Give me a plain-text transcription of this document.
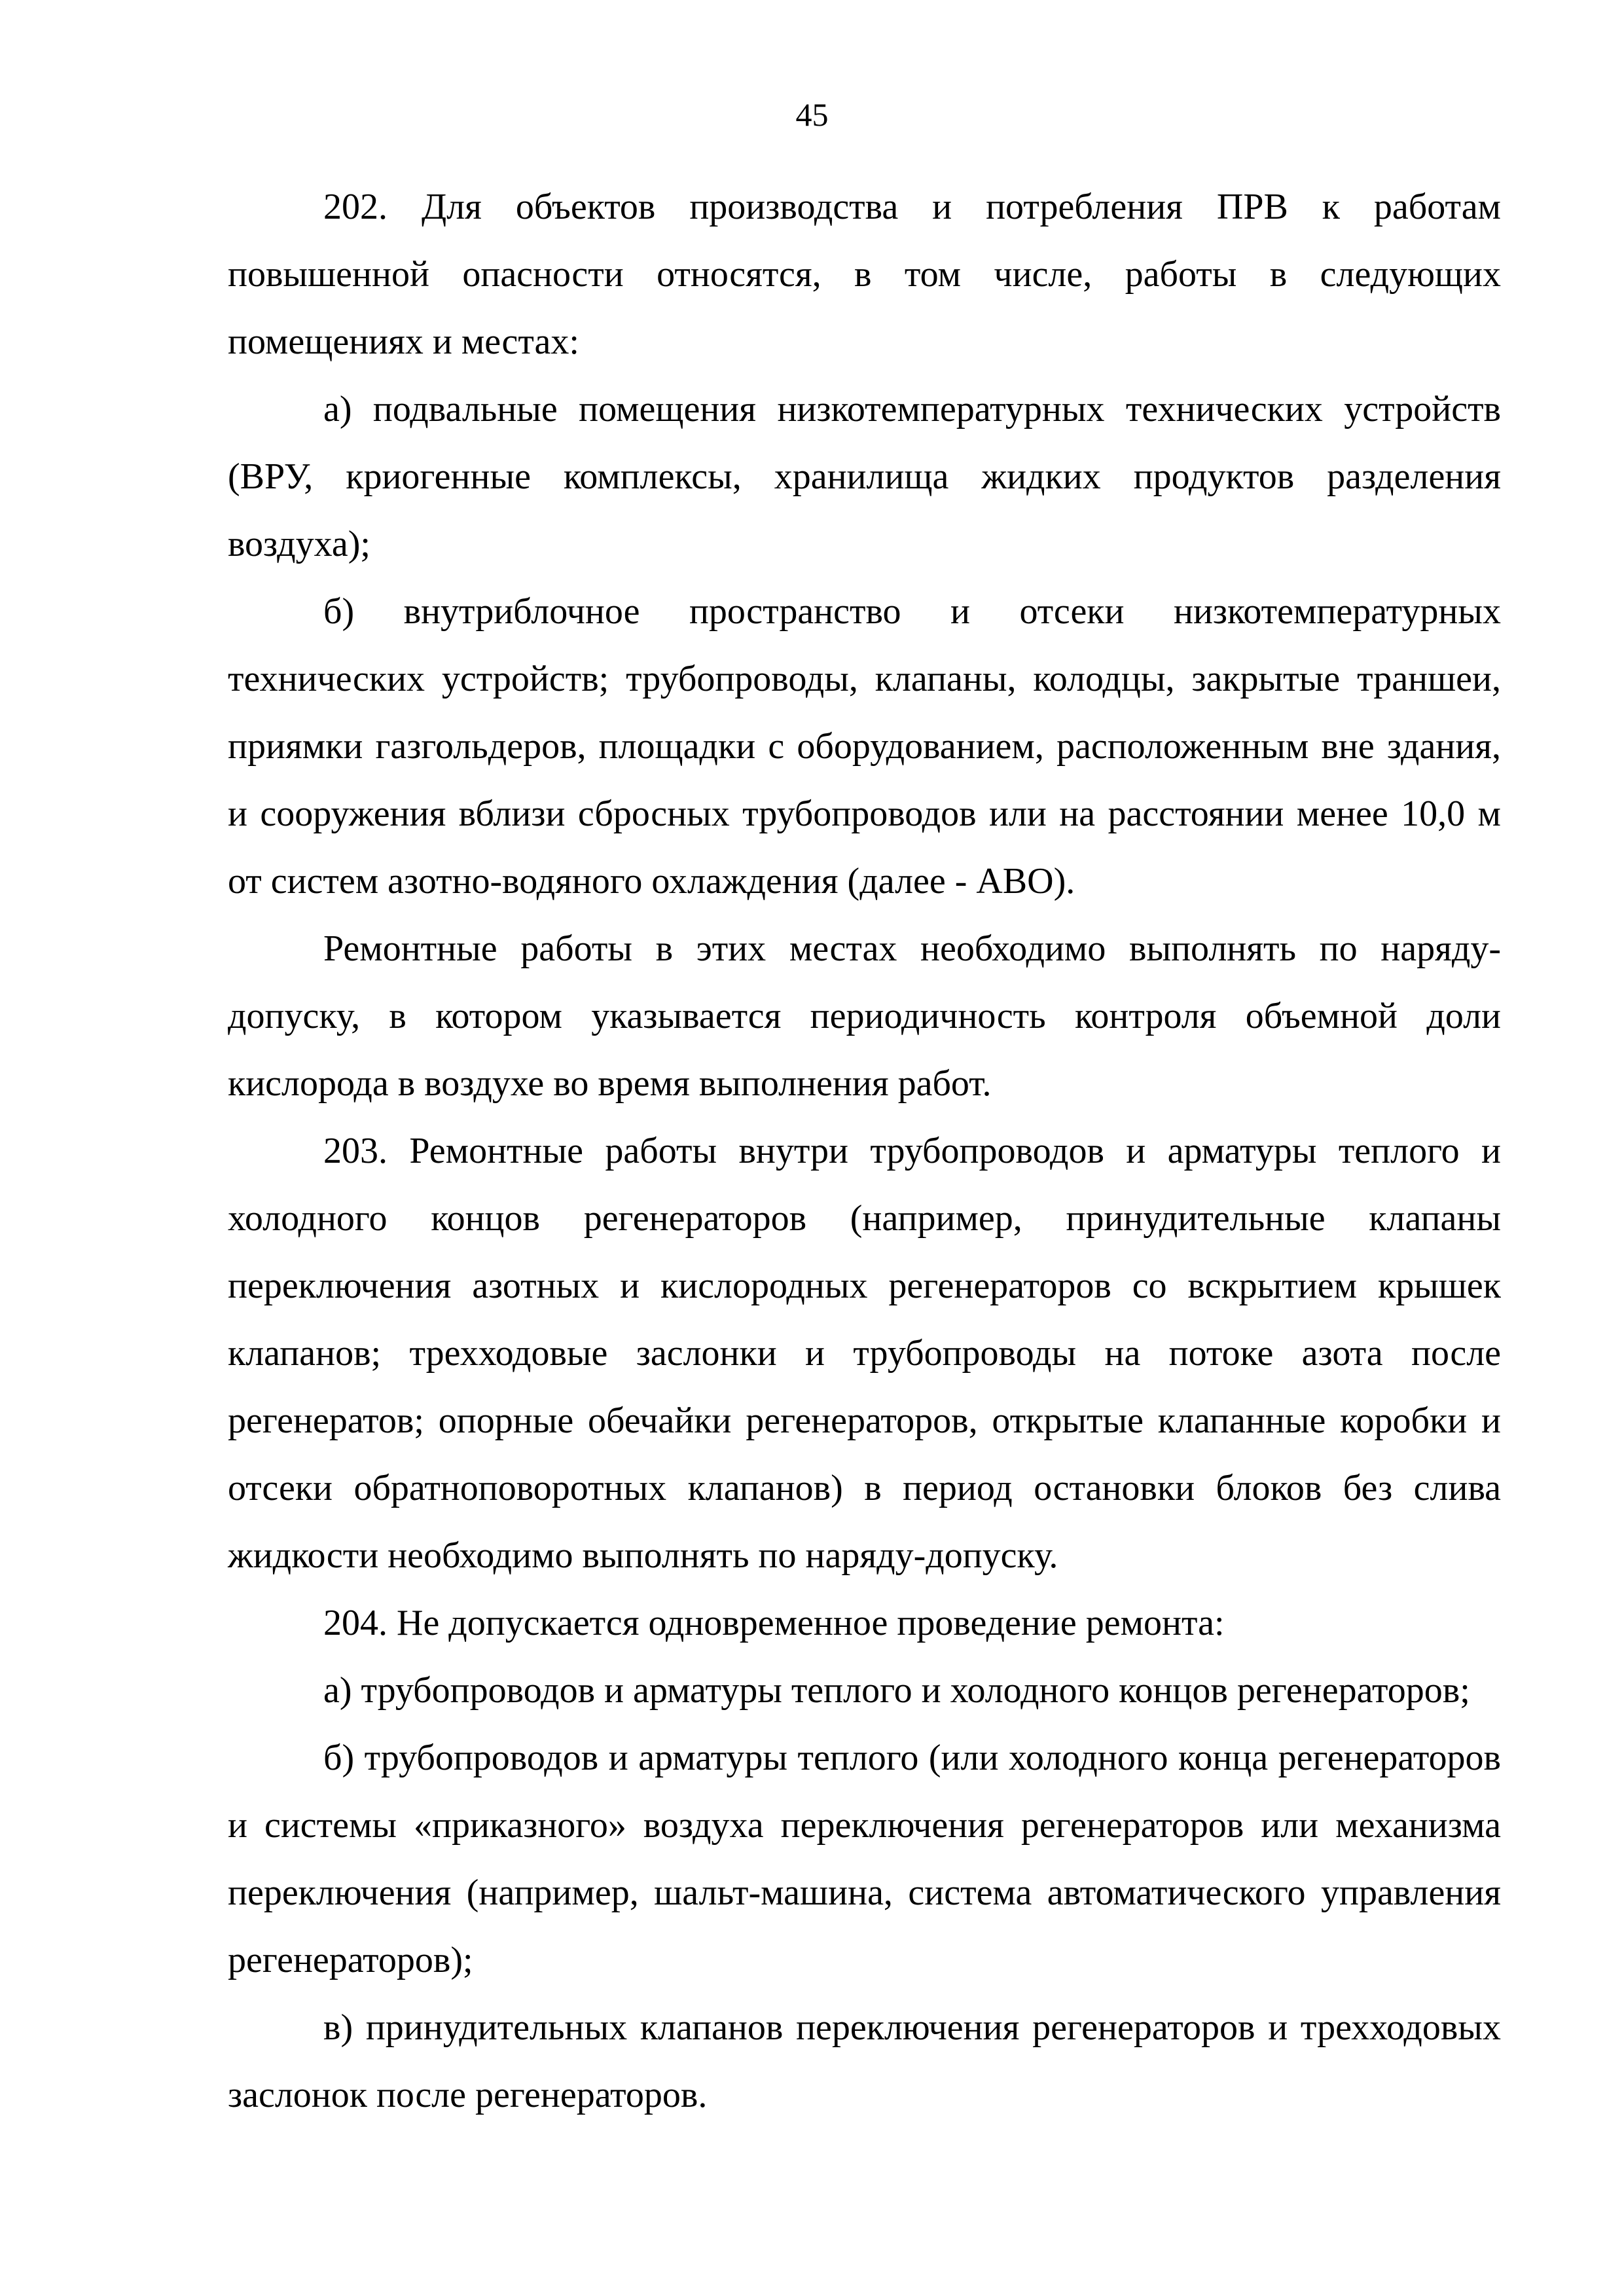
45

202. Для объектов производства и потребления ПРВ к работам повышенной опасности относятся, в том числе, работы в следующих помещениях и местах:

а) подвальные помещения низкотемпературных технических устройств (ВРУ, криогенные комплексы, хранилища жидких продуктов разделения воздуха);

б) внутриблочное пространство и отсеки низкотемпературных технических устройств; трубопроводы, клапаны, колодцы, закрытые траншеи, приямки газгольдеров, площадки с оборудованием, расположенным вне здания, и сооружения вблизи сбросных трубопроводов или на расстоянии менее 10,0 м от систем азотно-водяного охлаждения (далее - АВО).

Ремонтные работы в этих местах необходимо выполнять по наряду-допуску, в котором указывается периодичность контроля объемной доли кислорода в воздухе во время выполнения работ.

203. Ремонтные работы внутри трубопроводов и арматуры теплого и холодного концов регенераторов (например, принудительные клапаны переключения азотных и кислородных регенераторов со вскрытием крышек клапанов; трехходовые заслонки и трубопроводы на потоке азота после регенератов; опорные обечайки регенераторов, открытые клапанные коробки и отсеки обратноповоротных клапанов) в период остановки блоков без слива жидкости необходимо выполнять по наряду-допуску.

204. Не допускается одновременное проведение ремонта:

а) трубопроводов и арматуры теплого и холодного концов регенераторов;

б) трубопроводов и арматуры теплого (или холодного конца регенераторов и системы «приказного» воздуха переключения регенераторов или механизма переключения (например, шальт-машина, система автоматического управления регенераторов);

в) принудительных клапанов переключения регенераторов и трехходовых заслонок после регенераторов.
